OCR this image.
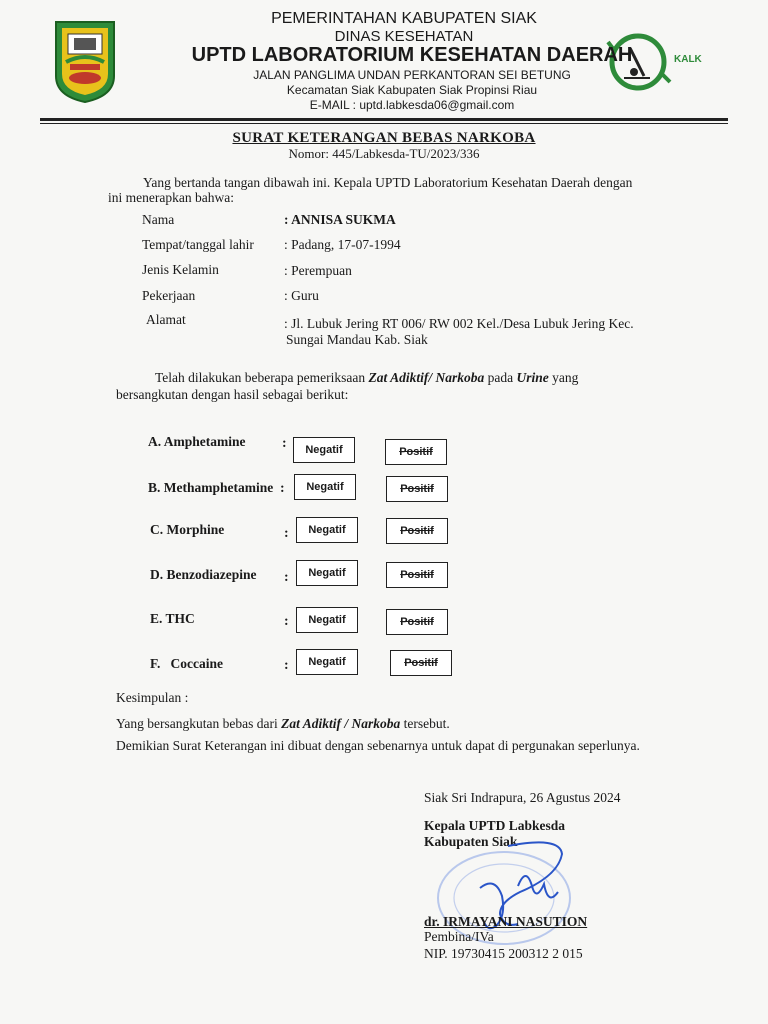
KALK
PEMERINTAHAN KABUPATEN SIAK
DINAS KESEHATAN
UPTD LABORATORIUM KESEHATAN DAERAH
JALAN PANGLIMA UNDAN PERKANTORAN SEI BETUNG
Kecamatan Siak Kabupaten Siak Propinsi Riau
E-MAIL : uptd.labkesda06@gmail.com
SURAT KETERANGAN BEBAS NARKOBA
Nomor: 445/Labkesda-TU/2023/336
Yang bertanda tangan dibawah ini. Kepala UPTD Laboratorium Kesehatan Daerah dengan
ini menerapkan bahwa:
Nama	: ANNISA SUKMA
Tempat/tanggal lahir : Padang, 17-07-1994
Jenis Kelamin	: Perempuan
Pekerjaan	: Guru
Alamat	: Jl. Lubuk Jering RT 006/ RW 002 Kel./Desa Lubuk Jering Kec.
Sungai Mandau Kab. Siak
Telah dilakukan beberapa pemeriksaan Zat Adiktif/ Narkoba pada Urine yang
bersangkutan dengan hasil sebagai berikut:
A. Amphetamine	: Negatif	Positif
B. Methamphetamine : Negatif	Positif
C. Morphine	: Negatif	Positif
D. Benzodiazepine : Negatif	Positif
E. THC	: Negatif	Positif
F.   Coccaine	: Negatif	Positif
Kesimpulan :
Yang bersangkutan bebas dari Zat Adiktif / Narkoba tersebut.
Demikian Surat Keterangan ini dibuat dengan sebenarnya untuk dapat di pergunakan seperlunya.
Siak Sri Indrapura, 26 Agustus 2024
Kepala UPTD Labkesda
Kabupaten Siak
dr. IRMAYANI NASUTION
Pembina/IVa
NIP. 19730415 200312 2 015
